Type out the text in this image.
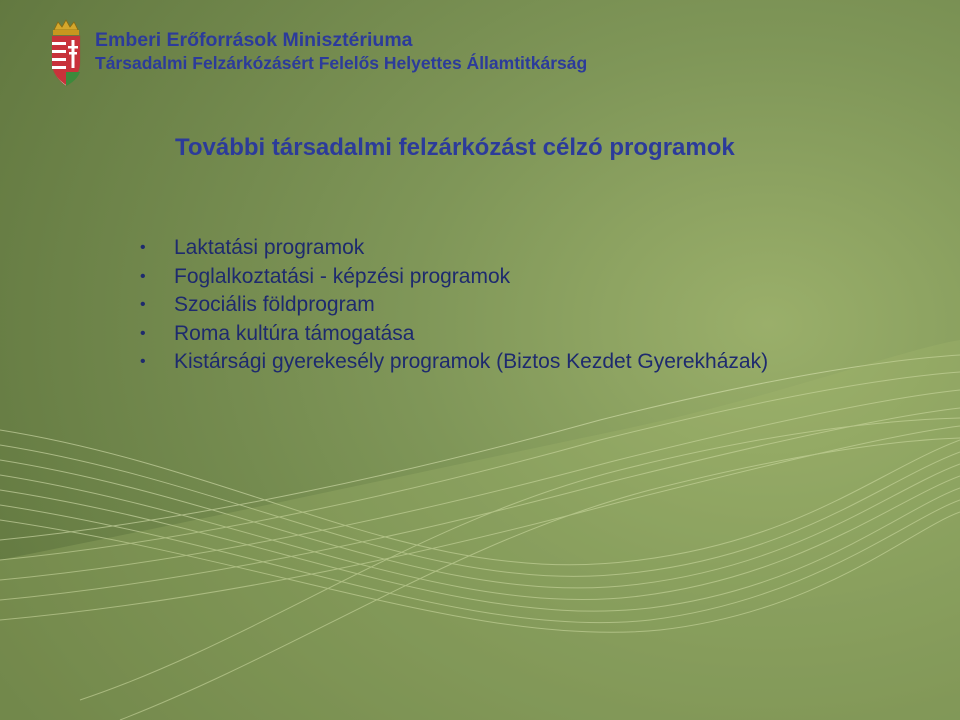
Emberi Erőforrások Minisztériuma
Társadalmi Felzárkózásért Felelős Helyettes Államtitkárság
További társadalmi felzárkózást célzó programok
• Laktatási programok
• Foglalkoztatási - képzési programok
• Szociális földprogram
• Roma kultúra támogatása
• Kistársági gyerekesély programok (Biztos Kezdet Gyerekházak)
